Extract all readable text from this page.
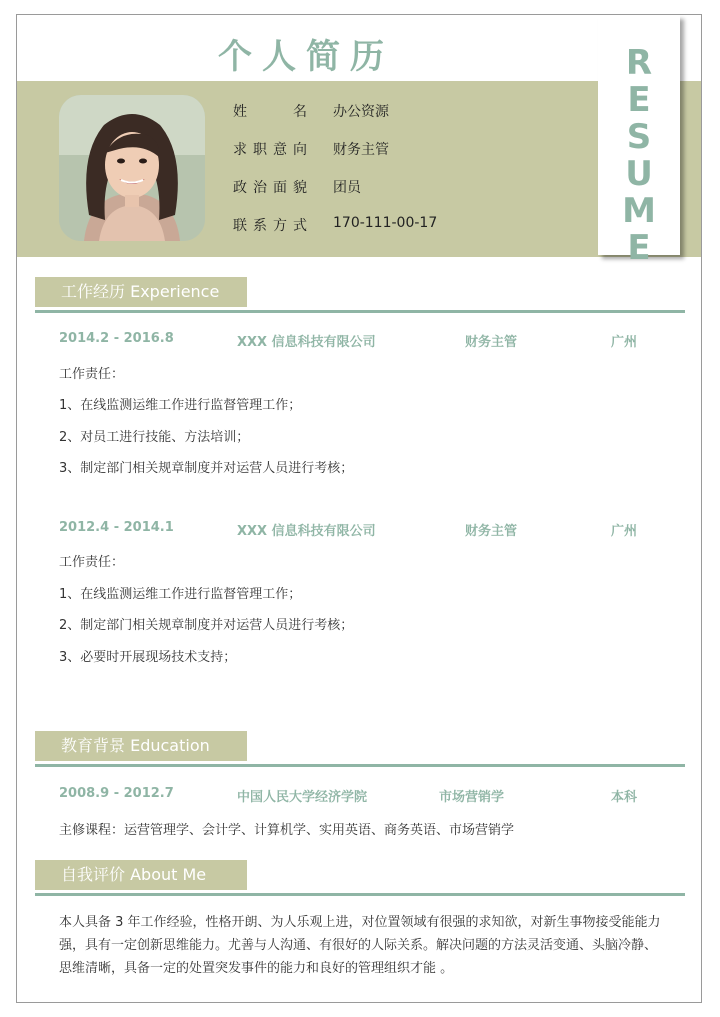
个人简历
姓	名 办公资源
求 职 意 向 财务主管
政 治 面 貌 团员
联 系 方 式 170-111-00-17
R
E
S
U
M
E
工作经历 Experience
2014.2 - 2016.8	XXX 信息科技有限公司	财务主管	广州
工作责任：
1、在线监测运维工作进行监督管理工作；
2、对员工进行技能、方法培训；
3、制定部门相关规章制度并对运营人员进行考核；
2012.4 - 2014.1	XXX 信息科技有限公司	财务主管	广州
工作责任：
1、在线监测运维工作进行监督管理工作；
2、制定部门相关规章制度并对运营人员进行考核；
3、必要时开展现场技术支持；
教育背景 Education
2008.9 - 2012.7	中国人民大学经济学院	市场营销学	本科
主修课程：运营管理学、会计学、计算机学、实用英语、商务英语、市场营销学
自我评价 About Me
本人具备 3 年工作经验，性格开朗、为人乐观上进，对位置领域有很强的求知欲，对新生事物接受能能力强，具有一定创新思维能力。尤善与人沟通、有很好的人际关系。解决问题的方法灵活变通、头脑冷静、思维清晰，具备一定的处置突发事件的能力和良好的管理组织才能 。
